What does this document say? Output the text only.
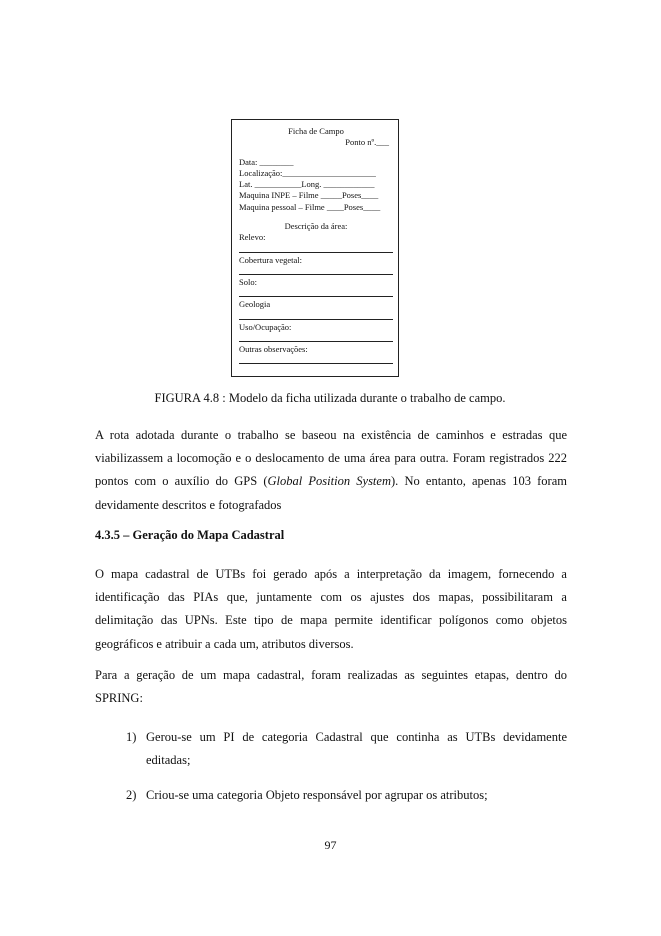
Ficha de Campo
Ponto nº.___
Data: ________
Localização:______________________
Lat. ___________Long. ____________
Maquina INPE – Filme _____Poses____
Maquina pessoal – Filme ____Poses____
Descrição da área:
Relevo:
Cobertura vegetal:
Solo:
Geologia
Uso/Ocupação:
Outras observações:
FIGURA 4.8 : Modelo da ficha utilizada durante o trabalho de campo.
A rota adotada durante o trabalho se baseou na existência de caminhos e estradas que viabilizassem a locomoção e o deslocamento de uma área para outra. Foram registrados 222 pontos com o auxílio do GPS (Global Position System). No entanto, apenas 103 foram devidamente descritos e fotografados
4.3.5 – Geração do Mapa Cadastral
O mapa cadastral de UTBs foi gerado após a interpretação da imagem, fornecendo a identificação das PIAs que, juntamente com os ajustes dos mapas, possibilitaram a delimitação das UPNs. Este tipo de mapa permite identificar polígonos como objetos geográficos e atribuir a cada um, atributos diversos.
Para a geração de um mapa cadastral, foram realizadas as seguintes etapas, dentro do SPRING:
1) Gerou-se um PI de categoria Cadastral que continha as UTBs devidamente editadas;
2) Criou-se uma categoria Objeto responsável por agrupar os atributos;
97
